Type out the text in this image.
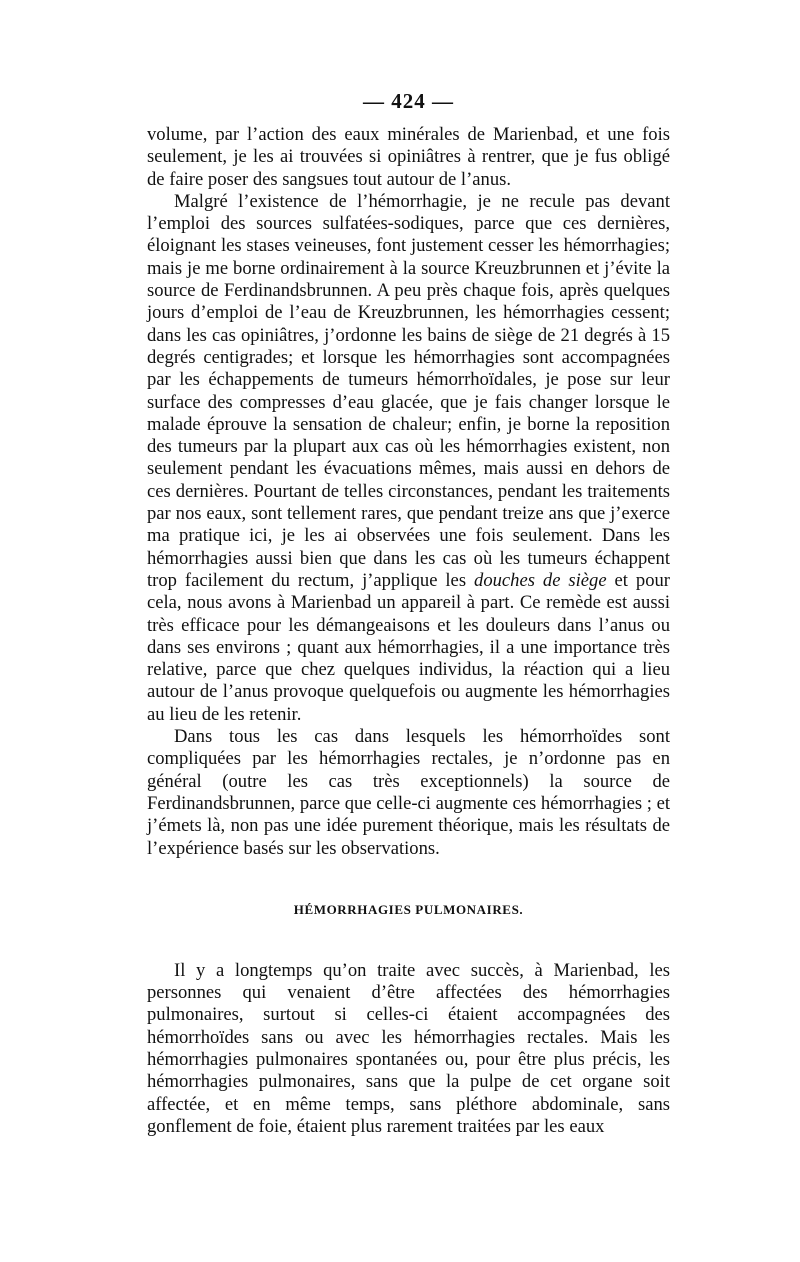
— 424 —

volume, par l’action des eaux minérales de Marienbad, et une fois seulement, je les ai trouvées si opiniâtres à rentrer, que je fus obligé de faire poser des sangsues tout autour de l’anus.

Malgré l’existence de l’hémorrhagie, je ne recule pas devant l’emploi des sources sulfatées-sodiques, parce que ces dernières, éloignant les stases veineuses, font justement cesser les hémorrhagies; mais je me borne ordinairement à la source Kreuzbrunnen et j’évite la source de Ferdinandsbrunnen. A peu près chaque fois, après quelques jours d’emploi de l’eau de Kreuzbrunnen, les hémorrhagies cessent; dans les cas opiniâtres, j’ordonne les bains de siège de 21 degrés à 15 degrés centigrades; et lorsque les hémorrhagies sont accompagnées par les échappements de tumeurs hémorrhoïdales, je pose sur leur surface des compresses d’eau glacée, que je fais changer lorsque le malade éprouve la sensation de chaleur; enfin, je borne la reposition des tumeurs par la plupart aux cas où les hémorrhagies existent, non seulement pendant les évacuations mêmes, mais aussi en dehors de ces dernières. Pourtant de telles circonstances, pendant les traitements par nos eaux, sont tellement rares, que pendant treize ans que j’exerce ma pratique ici, je les ai observées une fois seulement. Dans les hémorrhagies aussi bien que dans les cas où les tumeurs échappent trop facilement du rectum, j’applique les douches de siège et pour cela, nous avons à Marienbad un appareil à part. Ce remède est aussi très efficace pour les démangeaisons et les douleurs dans l’anus ou dans ses environs ; quant aux hémorrhagies, il a une importance très relative, parce que chez quelques individus, la réaction qui a lieu autour de l’anus provoque quelquefois ou augmente les hémorrhagies au lieu de les retenir.

Dans tous les cas dans lesquels les hémorrhoïdes sont compliquées par les hémorrhagies rectales, je n’ordonne pas en général (outre les cas très exceptionnels) la source de Ferdinandsbrunnen, parce que celle-ci augmente ces hémorrhagies ; et j’émets là, non pas une idée purement théorique, mais les résultats de l’expérience basés sur les observations.

HÉMORRHAGIES PULMONAIRES.

Il y a longtemps qu’on traite avec succès, à Marienbad, les personnes qui venaient d’être affectées des hémorrhagies pulmonaires, surtout si celles-ci étaient accompagnées des hémorrhoïdes sans ou avec les hémorrhagies rectales. Mais les hémorrhagies pulmonaires spontanées ou, pour être plus précis, les hémorrhagies pulmonaires, sans que la pulpe de cet organe soit affectée, et en même temps, sans pléthore abdominale, sans gonflement de foie, étaient plus rarement traitées par les eaux
